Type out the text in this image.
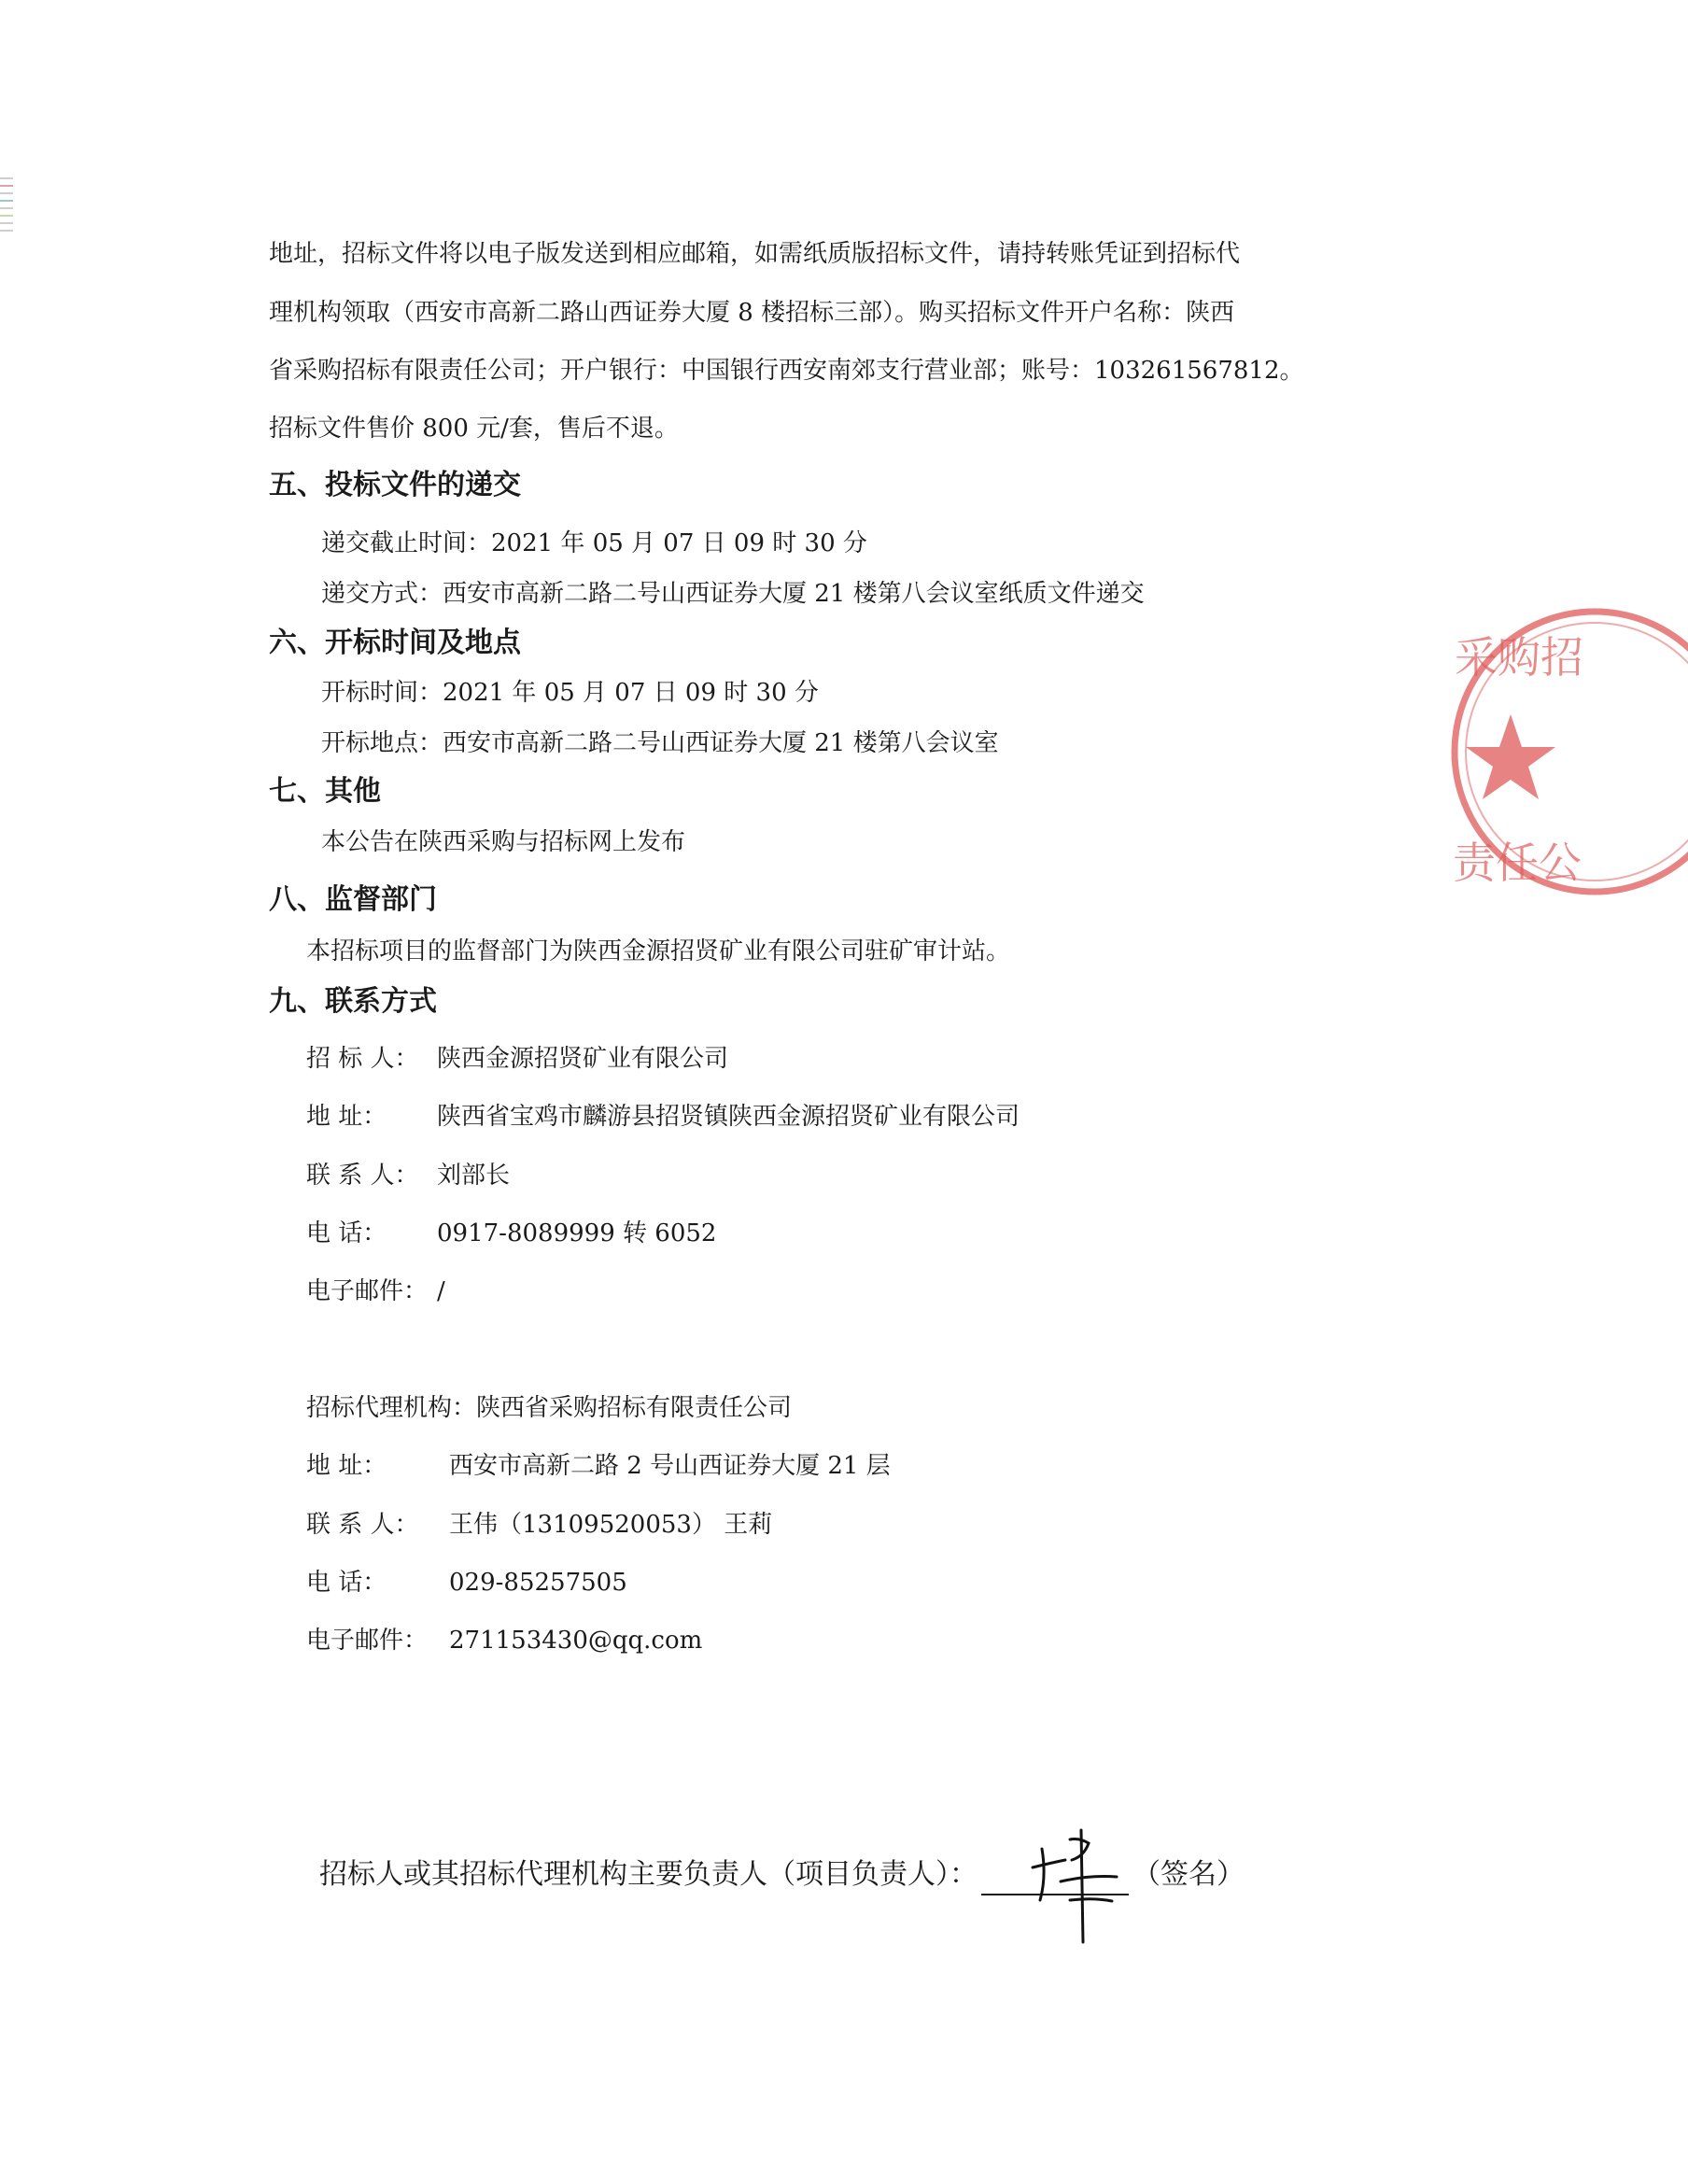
地址，招标文件将以电子版发送到相应邮箱，如需纸质版招标文件，请持转账凭证到招标代
理机构领取（西安市高新二路山西证券大厦 8 楼招标三部）。购买招标文件开户名称：陕西
省采购招标有限责任公司；开户银行：中国银行西安南郊支行营业部；账号：103261567812。
招标文件售价 800 元/套，售后不退。
五、投标文件的递交
递交截止时间：2021 年 05 月 07 日 09 时 30 分
递交方式：西安市高新二路二号山西证券大厦 21 楼第八会议室纸质文件递交
六、开标时间及地点
开标时间：2021 年 05 月 07 日 09 时 30 分
开标地点：西安市高新二路二号山西证券大厦 21 楼第八会议室
七、其他
本公告在陕西采购与招标网上发布
八、监督部门
本招标项目的监督部门为陕西金源招贤矿业有限公司驻矿审计站。
九、联系方式
招 标 人： 陕西金源招贤矿业有限公司
地 址： 陕西省宝鸡市麟游县招贤镇陕西金源招贤矿业有限公司
联 系 人： 刘部长
电 话： 0917-8089999 转 6052
电子邮件： /
招标代理机构：陕西省采购招标有限责任公司
地 址：	西安市高新二路 2 号山西证券大厦 21 层
联 系 人： 王伟（13109520053） 王莉
电 话：	029-85257505
电子邮件： 271153430@qq.com
招标人或其招标代理机构主要负责人（项目负责人）：	（签名）
采购招
责任公
